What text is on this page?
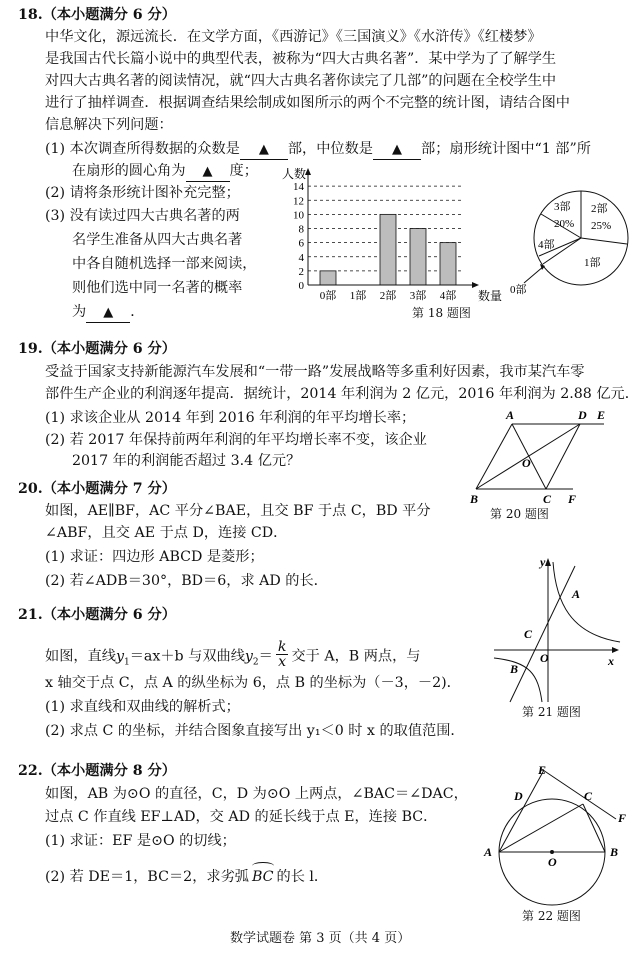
18.（本小题满分 6 分）
中华文化，源远流长．在文学方面，《西游记》《三国演义》《水浒传》《红楼梦》
是我国古代长篇小说中的典型代表，被称为“四大古典名著”．某中学为了了解学生
对四大古典名著的阅读情况，就“四大古典名著你读完了几部”的问题在全校学生中
进行了抽样调查．根据调查结果绘制成如图所示的两个不完整的统计图，请结合图中
信息解决下列问题：
(1) 本次调查所得数据的众数是 ▲ 部，中位数是 ▲ 部；扇形统计图中“1 部”所
在扇形的圆心角为 ▲ 度；
(2) 请将条形统计图补充完整；
(3) 没有读过四大古典名著的两
名学生准备从四大古典名著
中各自随机选择一部来阅读，
则他们选中同一名著的概率
为 ▲ ．
人数
数量
0
2
4
6
8
10
12
14
0部 1部 2部 3部 4部
第 18 题图
3部
20%
2部
25%
4部
1部
0部
19.（本小题满分 6 分）
受益于国家支持新能源汽车发展和“一带一路”发展战略等多重利好因素，我市某汽车零
部件生产企业的利润逐年提高．据统计，2014 年利润为 2 亿元，2016 年利润为 2.88 亿元．
(1) 求该企业从 2014 年到 2016 年利润的年平均增长率；
(2) 若 2017 年保持前两年利润的年平均增长率不变，该企业
2017 年的利润能否超过 3.4 亿元？
A	D E
O
B	C F
第 20 题图
20.（本小题满分 7 分）
如图，AE∥BF，AC 平分∠BAE，且交 BF 于点 C，BD 平分
∠ABF，且交 AE 于点 D，连接 CD．
(1) 求证：四边形 ABCD 是菱形；
(2) 若∠ADB＝30°，BD＝6，求 AD 的长．
21.（本小题满分 6 分）
如图，直线$y_1=ax+b$ 与双曲线$y_2= \frac{k}{x}$ 交于 A，B 两点，与
x 轴交于点 C，点 A 的纵坐标为 6，点 B 的坐标为（－3，－2)．
(1) 求直线和双曲线的解析式；
(2) 求点 C 的坐标，并结合图象直接写出 y₁＜0 时 x 的取值范围．
y
A
C
O	x
B
第 21 题图
22.（本小题满分 8 分）
如图，AB 为⊙O 的直径，C，D 为⊙O 上两点，∠BAC＝∠DAC，
过点 C 作直线 EF⊥AD，交 AD 的延长线于点 E，连接 BC．
(1) 求证：EF 是⊙O 的切线；
(2) 若 DE＝1，BC＝2，求劣弧 BC 的长 l．
E
D	C
F
A
O
B
第 22 题图
数学试题卷 第 3 页（共 4 页）
